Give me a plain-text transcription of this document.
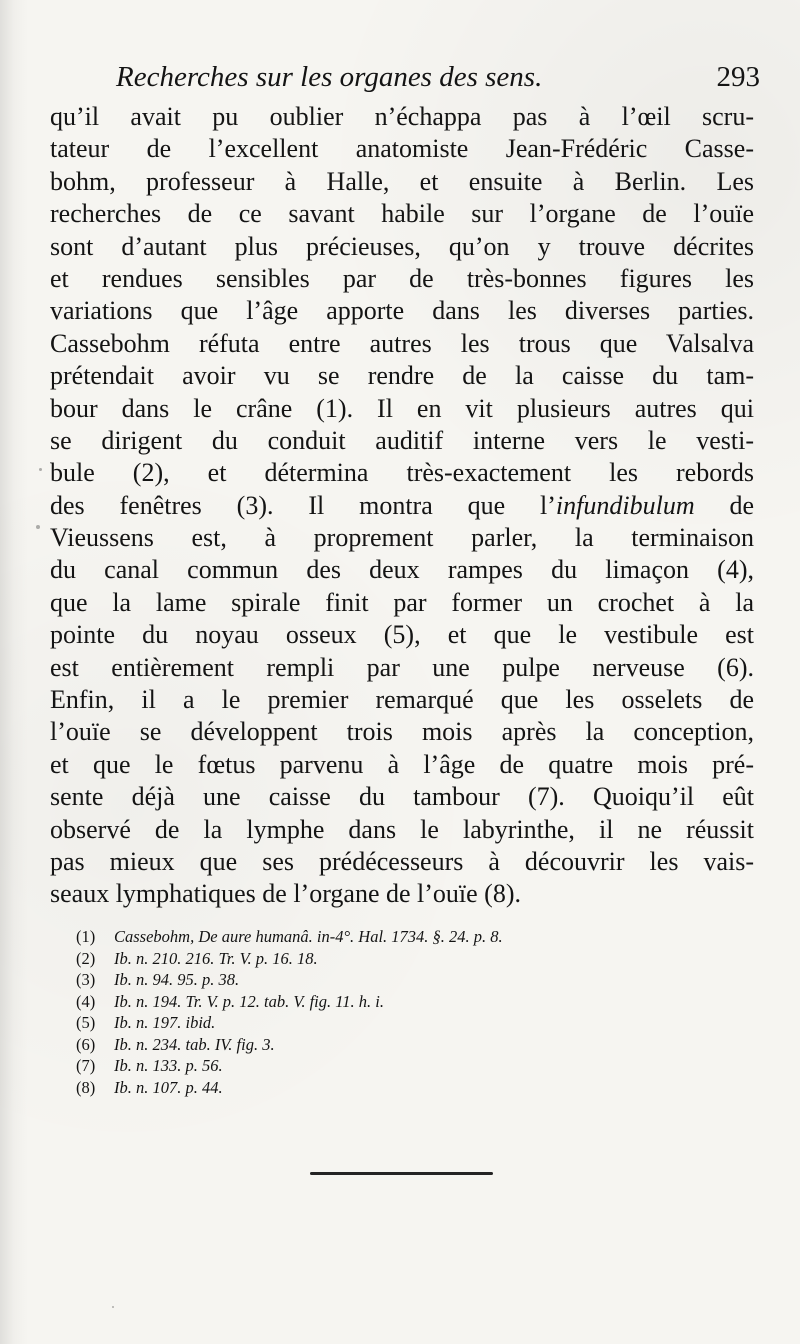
Recherches sur les organes des sens.	293
qu’il avait pu oublier n’échappa pas à l’œil scru-
tateur de l’excellent anatomiste Jean-Frédéric Casse-
bohm, professeur à Halle, et ensuite à Berlin. Les
recherches de ce savant habile sur l’organe de l’ouïe
sont d’autant plus précieuses, qu’on y trouve décrites
et rendues sensibles par de très-bonnes figures les
variations que l’âge apporte dans les diverses parties.
Cassebohm réfuta entre autres les trous que Valsalva
prétendait avoir vu se rendre de la caisse du tam-
bour dans le crâne (1). Il en vit plusieurs autres qui
se dirigent du conduit auditif interne vers le vesti-
bule (2), et détermina très-exactement les rebords
des fenêtres (3). Il montra que l’infundibulum de
Vieussens est, à proprement parler, la terminaison
du canal commun des deux rampes du limaçon (4),
que la lame spirale finit par former un crochet à la
pointe du noyau osseux (5), et que le vestibule est
est entièrement rempli par une pulpe nerveuse (6).
Enfin, il a le premier remarqué que les osselets de
l’ouïe se développent trois mois après la conception,
et que le fœtus parvenu à l’âge de quatre mois pré-
sente déjà une caisse du tambour (7). Quoiqu’il eût
observé de la lymphe dans le labyrinthe, il ne réussit
pas mieux que ses prédécesseurs à découvrir les vais-
seaux lymphatiques de l’organe de l’ouïe (8).
(1) Cassebohm, De aure humanâ. in-4°. Hal. 1734. §. 24. p. 8.
(2) Ib. n. 210. 216. Tr. V. p. 16. 18.
(3) Ib. n. 94. 95. p. 38.
(4) Ib. n. 194. Tr. V. p. 12. tab. V. fig. 11. h. i.
(5) Ib. n. 197. ibid.
(6) Ib. n. 234. tab. IV. fig. 3.
(7) Ib. n. 133. p. 56.
(8) Ib. n. 107. p. 44.
